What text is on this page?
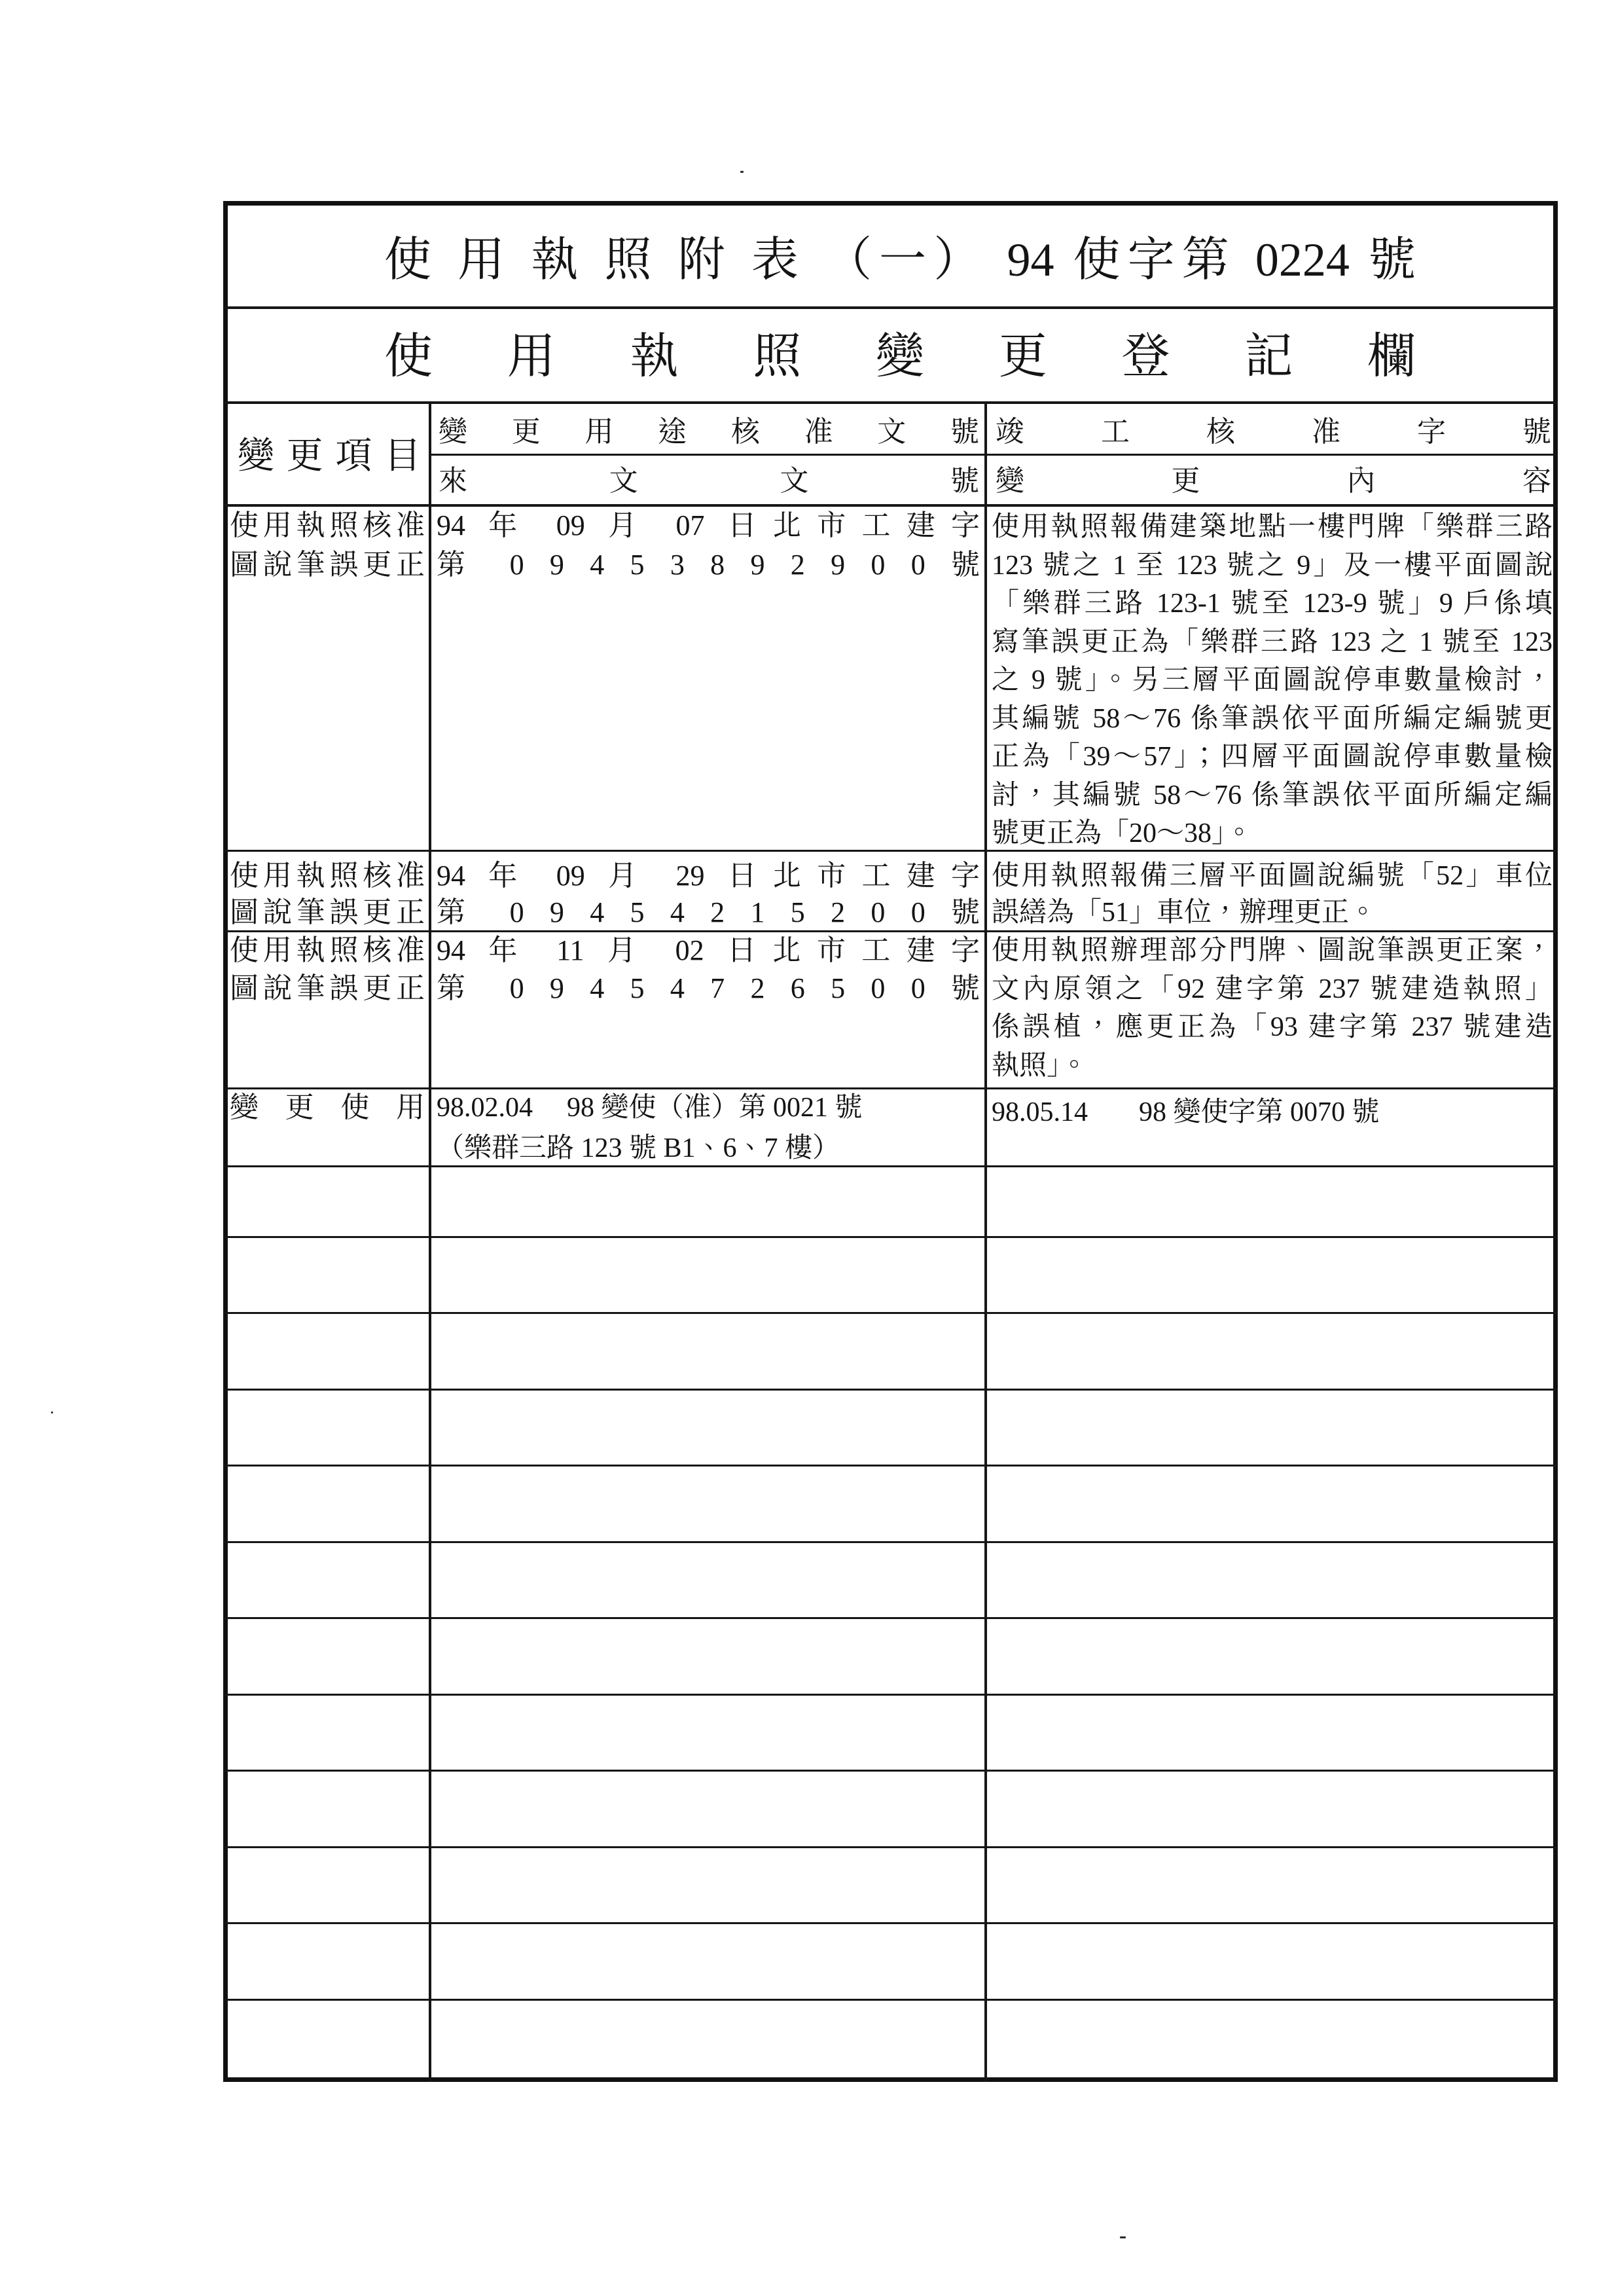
使 用 執 照 附 表 （一） 94 使字第 0224 號
使 用 執 照 變 更 登 記 欄
變 更 項 目
變 更 用 途 核 准 文 號
來 文 文 號
竣 工 核 准 字 號
變 更 內 容
使用執照核准
圖說筆誤更正
94 年 09 月 07 日北市工建字
第 0 9 4 5 3 8 9 2 9 0 0 號
使用執照報備建築地點一樓門牌「樂群三路
123 號之 1 至 123 號之 9」及一樓平面圖說
「樂群三路 123-1 號至 123-9 號」9 戶係填
寫筆誤更正為「樂群三路 123 之 1 號至 123
之 9 號」。另三層平面圖說停車數量檢討，
其編號 58～76 係筆誤依平面所編定編號更
正為「39～57」；四層平面圖說停車數量檢
討，其編號 58～76 係筆誤依平面所編定編
號更正為「20～38」。
使用執照核准
圖說筆誤更正
94 年 09 月 29 日北市工建字
第 0 9 4 5 4 2 1 5 2 0 0 號
使用執照報備三層平面圖說編號「52」車位
誤繕為「51」車位，辦理更正。
使用執照核准
圖說筆誤更正
94 年 11 月 02 日北市工建字
第 0 9 4 5 4 7 2 6 5 0 0 號
使用執照辦理部分門牌、圖說筆誤更正案，
文內原領之「92 建字第 237 號建造執照」
係誤植，應更正為「93 建字第 237 號建造
執照」。
變 更 使 用 98.02.04 98 變使（准）第 0021 號
（樂群三路 123 號 B1、6、7 樓）
98.05.14 98 變使字第 0070 號
